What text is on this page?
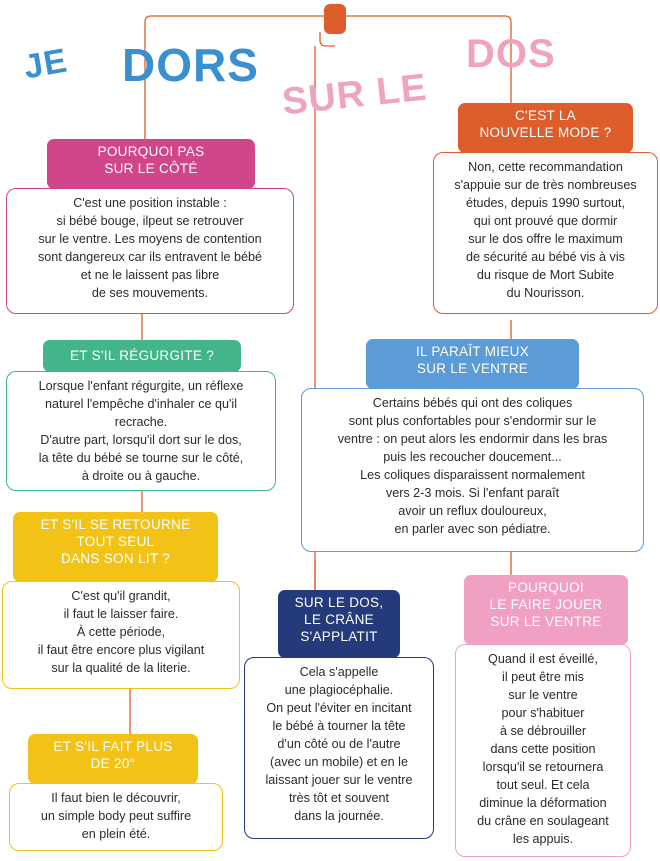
JE DORS
SUR LE
DOS
C'EST LA
NOUVELLE MODE ?

Non, cette recommandation
s'appuie sur de très nombreuses
études, depuis 1990 surtout,
qui ont prouvé que dormir
sur le dos offre le maximum
de sécurité au bébé vis à vis
du risque de Mort Subite
du Nourisson.

POURQUOI PAS
SUR LE CÔTÉ

C'est une position instable :
si bébé bouge, ilpeut se retrouver
sur le ventre. Les moyens de contention
sont dangereux car ils entravent le bébé
et ne le laissent pas libre
de ses mouvements.

ET S'IL RÉGURGITE ?

Lorsque l'enfant régurgite, un réflexe
naturel l'empêche d'inhaler ce qu'il
recrache.
D'autre part, lorsqu'il dort sur le dos,
la tête du bébé se tourne sur le côté,
à droite ou à gauche.

IL PARAÎT MIEUX
SUR LE VENTRE

Certains bébés qui ont des coliques
sont plus confortables pour s'endormir sur le
ventre : on peut alors les endormir dans les bras
puis les recoucher doucement...
Les coliques disparaissent normalement
vers 2-3 mois. Si l'enfant paraît
avoir un reflux douloureux,
en parler avec son pédiatre.

ET S'IL SE RETOURNE
TOUT SEUL
DANS SON LIT ?

C'est qu'il grandit,
il faut le laisser faire.
À cette période,
il faut être encore plus vigilant
sur la qualité de la literie.

SUR LE DOS,
LE CRÂNE
S'APPLATIT

Cela s'appelle
une plagiocéphalie.
On peut l'éviter en incitant
le bébé à tourner la tête
d'un côté ou de l'autre
(avec un mobile) et en le
laissant jouer sur le ventre
très tôt et souvent
dans la journée.

POURQUOI
LE FAIRE JOUER
SUR LE VENTRE

Quand il est éveillé,
il peut être mis
sur le ventre
pour s'habituer
à se débrouiller
dans cette position
lorsqu'il se retournera
tout seul. Et cela
diminue la déformation
du crâne en soulageant
les appuis.

ET S'IL FAIT PLUS
DE 20°

Il faut bien le découvrir,
un simple body peut suffire
en plein été.
